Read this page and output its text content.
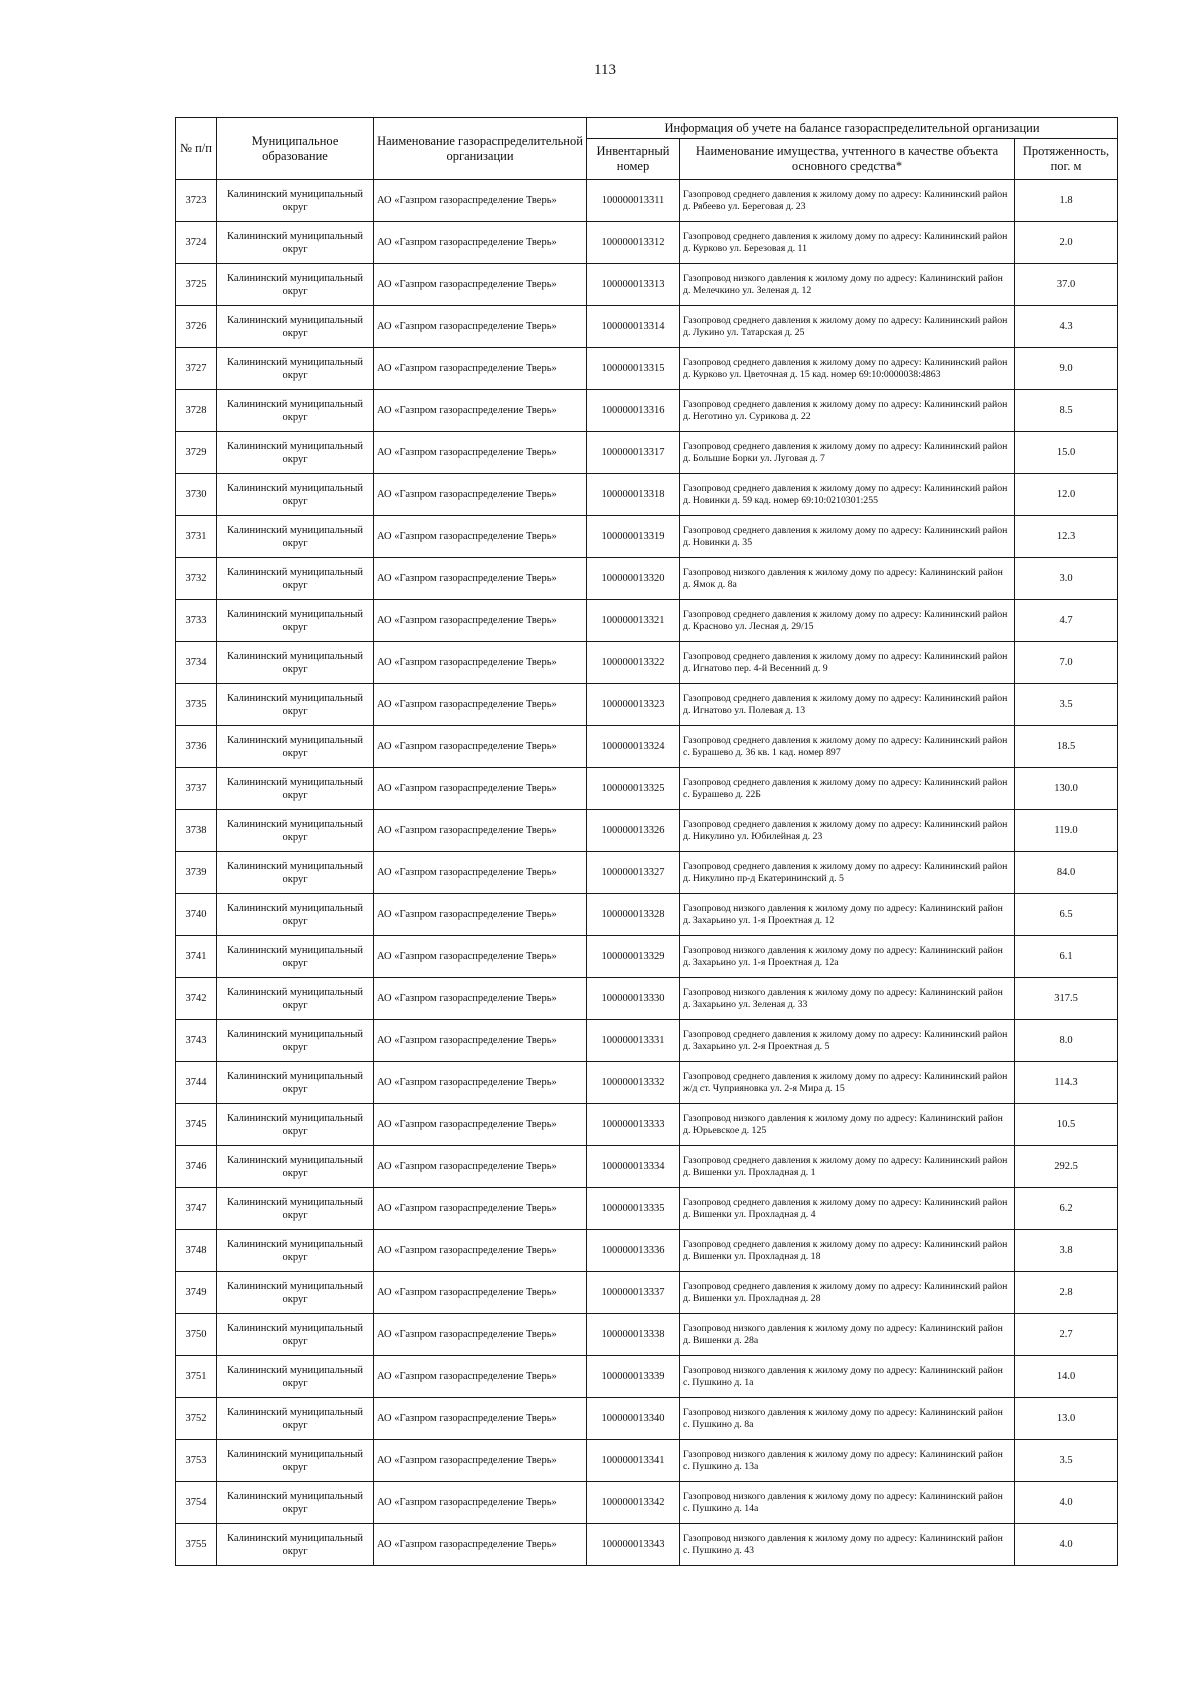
113
№ п/п	Муниципальное образование	Наименование газораспределительной организации	Информация об учете на балансе газораспределительной организации		
			Инвентарный номер	Наименование имущества, учтенного в качестве объекта основного средства*	Протяженность, пог. м
3723	Калининский муниципальный округ	АО «Газпром газораспределение Тверь»	100000013311	Газопровод среднего давления к жилому дому по адресу: Калининский район д. Рябеево ул. Береговая д. 23	1.8
3724	Калининский муниципальный округ	АО «Газпром газораспределение Тверь»	100000013312	Газопровод среднего давления к жилому дому по адресу: Калининский район д. Курково ул. Березовая д. 11	2.0
3725	Калининский муниципальный округ	АО «Газпром газораспределение Тверь»	100000013313	Газопровод низкого давления к жилому дому по адресу: Калининский район д. Мелечкино ул. Зеленая д. 12	37.0
3726	Калининский муниципальный округ	АО «Газпром газораспределение Тверь»	100000013314	Газопровод среднего давления к жилому дому по адресу: Калининский район д. Лукино ул. Татарская д. 25	4.3
3727	Калининский муниципальный округ	АО «Газпром газораспределение Тверь»	100000013315	Газопровод среднего давления к жилому дому по адресу: Калининский район д. Курково ул. Цветочная д. 15 кад. номер 69:10:0000038:4863	9.0
3728	Калининский муниципальный округ	АО «Газпром газораспределение Тверь»	100000013316	Газопровод среднего давления к жилому дому по адресу: Калининский район д. Неготино ул. Сурикова д. 22	8.5
3729	Калининский муниципальный округ	АО «Газпром газораспределение Тверь»	100000013317	Газопровод среднего давления к жилому дому по адресу: Калининский район д. Большие Борки ул. Луговая д. 7	15.0
3730	Калининский муниципальный округ	АО «Газпром газораспределение Тверь»	100000013318	Газопровод среднего давления к жилому дому по адресу: Калининский район д. Новинки д. 59 кад. номер 69:10:0210301:255	12.0
3731	Калининский муниципальный округ	АО «Газпром газораспределение Тверь»	100000013319	Газопровод среднего давления к жилому дому по адресу: Калининский район д. Новинки д. 35	12.3
3732	Калининский муниципальный округ	АО «Газпром газораспределение Тверь»	100000013320	Газопровод низкого давления к жилому дому по адресу: Калининский район д. Ямок д. 8а	3.0
3733	Калининский муниципальный округ	АО «Газпром газораспределение Тверь»	100000013321	Газопровод среднего давления к жилому дому по адресу: Калининский район д. Красново ул. Лесная д. 29/15	4.7
3734	Калининский муниципальный округ	АО «Газпром газораспределение Тверь»	100000013322	Газопровод среднего давления к жилому дому по адресу: Калининский район д. Игнатово пер. 4-й Весенний д. 9	7.0
3735	Калининский муниципальный округ	АО «Газпром газораспределение Тверь»	100000013323	Газопровод среднего давления к жилому дому по адресу: Калининский район д. Игнатово ул. Полевая д. 13	3.5
3736	Калининский муниципальный округ	АО «Газпром газораспределение Тверь»	100000013324	Газопровод среднего давления к жилому дому по адресу: Калининский район с. Бурашево д. 36 кв. 1 кад. номер 897	18.5
3737	Калининский муниципальный округ	АО «Газпром газораспределение Тверь»	100000013325	Газопровод среднего давления к жилому дому по адресу: Калининский район с. Бурашево д. 22Б	130.0
3738	Калининский муниципальный округ	АО «Газпром газораспределение Тверь»	100000013326	Газопровод среднего давления к жилому дому по адресу: Калининский район д. Никулино ул. Юбилейная д. 23	119.0
3739	Калининский муниципальный округ	АО «Газпром газораспределение Тверь»	100000013327	Газопровод среднего давления к жилому дому по адресу: Калининский район д. Никулино пр-д Екатерининский д. 5	84.0
3740	Калининский муниципальный округ	АО «Газпром газораспределение Тверь»	100000013328	Газопровод низкого давления к жилому дому по адресу: Калининский район д. Захарьино ул. 1-я Проектная д. 12	6.5
3741	Калининский муниципальный округ	АО «Газпром газораспределение Тверь»	100000013329	Газопровод низкого давления к жилому дому по адресу: Калининский район д. Захарьино ул. 1-я Проектная д. 12а	6.1
3742	Калининский муниципальный округ	АО «Газпром газораспределение Тверь»	100000013330	Газопровод низкого давления к жилому дому по адресу: Калининский район д. Захарьино ул. Зеленая д. 33	317.5
3743	Калининский муниципальный округ	АО «Газпром газораспределение Тверь»	100000013331	Газопровод среднего давления к жилому дому по адресу: Калининский район д. Захарьино ул. 2-я Проектная д. 5	8.0
3744	Калининский муниципальный округ	АО «Газпром газораспределение Тверь»	100000013332	Газопровод среднего давления к жилому дому по адресу: Калининский район ж/д ст. Чуприяновка ул. 2-я Мира д. 15	114.3
3745	Калининский муниципальный округ	АО «Газпром газораспределение Тверь»	100000013333	Газопровод низкого давления к жилому дому по адресу: Калининский район д. Юрьевское д. 125	10.5
3746	Калининский муниципальный округ	АО «Газпром газораспределение Тверь»	100000013334	Газопровод среднего давления к жилому дому по адресу: Калининский район д. Вишенки ул. Прохладная д. 1	292.5
3747	Калининский муниципальный округ	АО «Газпром газораспределение Тверь»	100000013335	Газопровод среднего давления к жилому дому по адресу: Калининский район д. Вишенки ул. Прохладная д. 4	6.2
3748	Калининский муниципальный округ	АО «Газпром газораспределение Тверь»	100000013336	Газопровод среднего давления к жилому дому по адресу: Калининский район д. Вишенки ул. Прохладная д. 18	3.8
3749	Калининский муниципальный округ	АО «Газпром газораспределение Тверь»	100000013337	Газопровод среднего давления к жилому дому по адресу: Калининский район д. Вишенки ул. Прохладная д. 28	2.8
3750	Калининский муниципальный округ	АО «Газпром газораспределение Тверь»	100000013338	Газопровод низкого давления к жилому дому по адресу: Калининский район д. Вишенки д. 28а	2.7
3751	Калининский муниципальный округ	АО «Газпром газораспределение Тверь»	100000013339	Газопровод низкого давления к жилому дому по адресу: Калининский район с. Пушкино д. 1а	14.0
3752	Калининский муниципальный округ	АО «Газпром газораспределение Тверь»	100000013340	Газопровод низкого давления к жилому дому по адресу: Калининский район с. Пушкино д. 8а	13.0
3753	Калининский муниципальный округ	АО «Газпром газораспределение Тверь»	100000013341	Газопровод низкого давления к жилому дому по адресу: Калининский район с. Пушкино д. 13а	3.5
3754	Калининский муниципальный округ	АО «Газпром газораспределение Тверь»	100000013342	Газопровод низкого давления к жилому дому по адресу: Калининский район с. Пушкино д. 14а	4.0
3755	Калининский муниципальный округ	АО «Газпром газораспределение Тверь»	100000013343	Газопровод низкого давления к жилому дому по адресу: Калининский район с. Пушкино д. 43	4.0
